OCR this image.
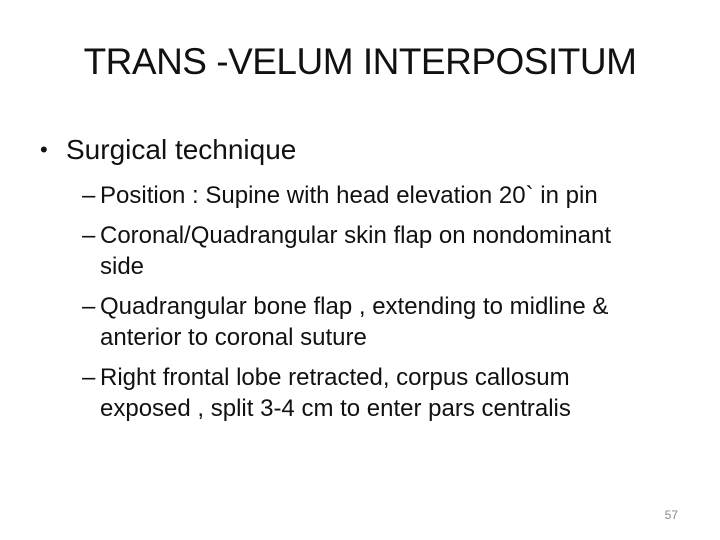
TRANS -VELUM INTERPOSITUM
• Surgical technique
– Position : Supine with head elevation 20` in pin
– Coronal/Quadrangular skin flap on nondominant
side
– Quadrangular bone flap , extending to midline &
anterior to coronal suture
– Right frontal lobe retracted, corpus callosum
exposed , split 3-4 cm to enter pars centralis
57
